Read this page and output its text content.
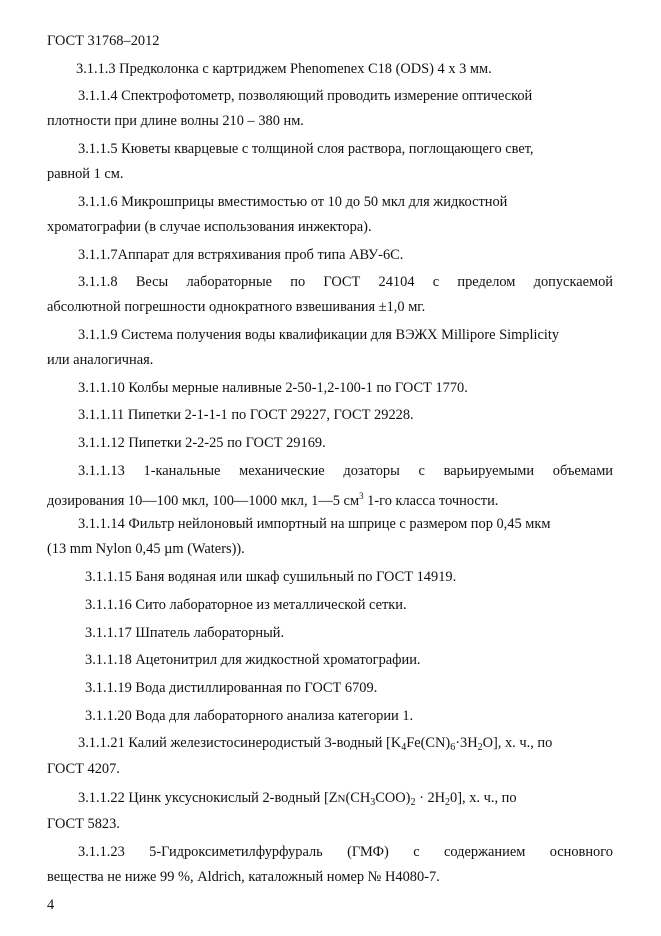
ГОСТ 31768–2012
3.1.1.3 Предколонка с картриджем Phenomenex C18 (ODS) 4 х 3 мм.
3.1.1.4 Спектрофотометр, позволяющий проводить измерение оптической
плотности при длине волны 210 – 380 нм.
3.1.1.5 Кюветы кварцевые с толщиной слоя раствора, поглощающего свет,
равной 1 см.
3.1.1.6 Микрошприцы вместимостью от 10 до 50 мкл для жидкостной
хроматографии (в случае использования инжектора).
3.1.1.7Аппарат для встряхивания проб типа АВУ-6С.
3.1.1.8 Весы лабораторные по ГОСТ 24104 с пределом допускаемой
абсолютной погрешности однократного взвешивания ±1,0 мг.
3.1.1.9 Система получения воды квалификации для ВЭЖХ Millipore Simplicity
или аналогичная.
3.1.1.10 Колбы мерные наливные 2-50-1,2-100-1 по ГОСТ 1770.
3.1.1.11 Пипетки 2-1-1-1 по ГОСТ 29227, ГОСТ 29228.
3.1.1.12 Пипетки 2-2-25 по ГОСТ 29169.
3.1.1.13 1-канальные механические дозаторы с варьируемыми объемами
дозирования 10—100 мкл, 100—1000 мкл, 1—5 $см^3$ 1-го класса точности.
3.1.1.14 Фильтр нейлоновый импортный на шприце с размером пор 0,45 мкм
(13 mm Nylon 0,45 µm (Waters)).
3.1.1.15 Баня водяная или шкаф сушильный по ГОСТ 14919.
3.1.1.16 Сито лабораторное из металлической сетки.
3.1.1.17 Шпатель лабораторный.
3.1.1.18 Ацетонитрил для жидкостной хроматографии.
3.1.1.19 Вода дистиллированная по ГОСТ 6709.
3.1.1.20 Вода для лабораторного анализа категории 1.
3.1.1.21 Калий железистосинеродистый 3-водный $[K_4Fe(CN)_6\cdot 3H_2O]$, х. ч., по
ГОСТ 4207.
3.1.1.22 Цинк уксуснокислый 2-водный $[ZN(CH_3COO)_2 \cdot 2H_20]$, х. ч., по
ГОСТ 5823.
3.1.1.23 5-Гидроксиметилфурфураль (ГМФ) с содержанием основного
вещества не ниже 99 %, Aldrich, каталожный номер № H4080-7.
4
